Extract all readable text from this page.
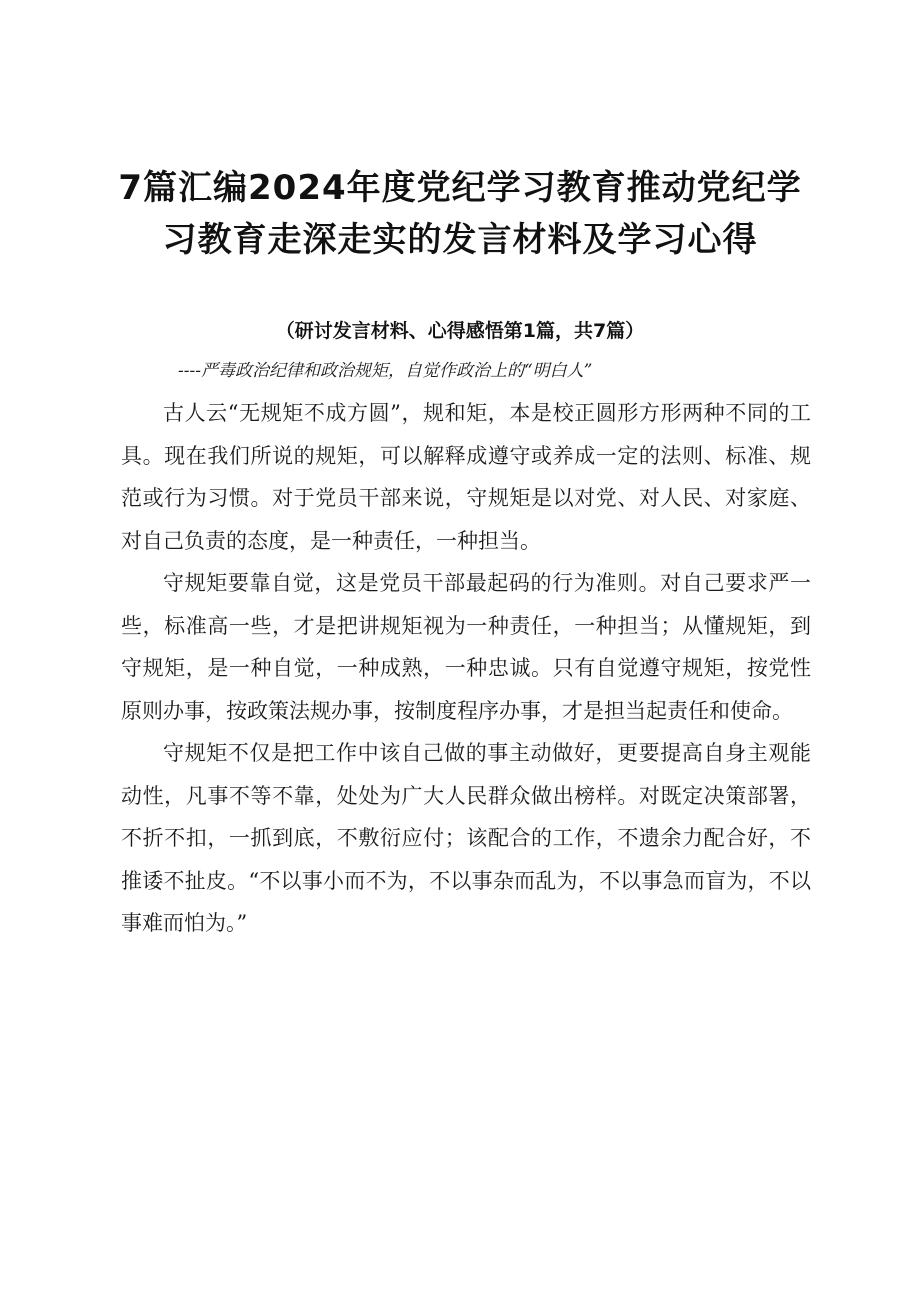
7篇汇编2024年度党纪学习教育推动党纪学
习教育走深走实的发言材料及学习心得

（研讨发言材料、心得感悟第1篇，共7篇）

----严毒政治纪律和政治规矩，自觉作政治上的“明白人”

古人云“无规矩不成方圆”，规和矩，本是校正圆形方形两种不同的工具。现在我们所说的规矩，可以解释成遵守或养成一定的法则、标准、规范或行为习惯。对于党员干部来说，守规矩是以对党、对人民、对家庭、对自己负责的态度，是一种责任，一种担当。

守规矩要靠自觉，这是党员干部最起码的行为准则。对自己要求严一些，标准高一些，才是把讲规矩视为一种责任，一种担当；从懂规矩，到守规矩，是一种自觉，一种成熟，一种忠诚。只有自觉遵守规矩，按党性原则办事，按政策法规办事，按制度程序办事，才是担当起责任和使命。

守规矩不仅是把工作中该自己做的事主动做好，更要提高自身主观能动性，凡事不等不靠，处处为广大人民群众做出榜样。对既定决策部署，不折不扣，一抓到底，不敷衍应付；该配合的工作，不遗余力配合好，不推诿不扯皮。“不以事小而不为，不以事杂而乱为，不以事急而盲为，不以事难而怕为。”
